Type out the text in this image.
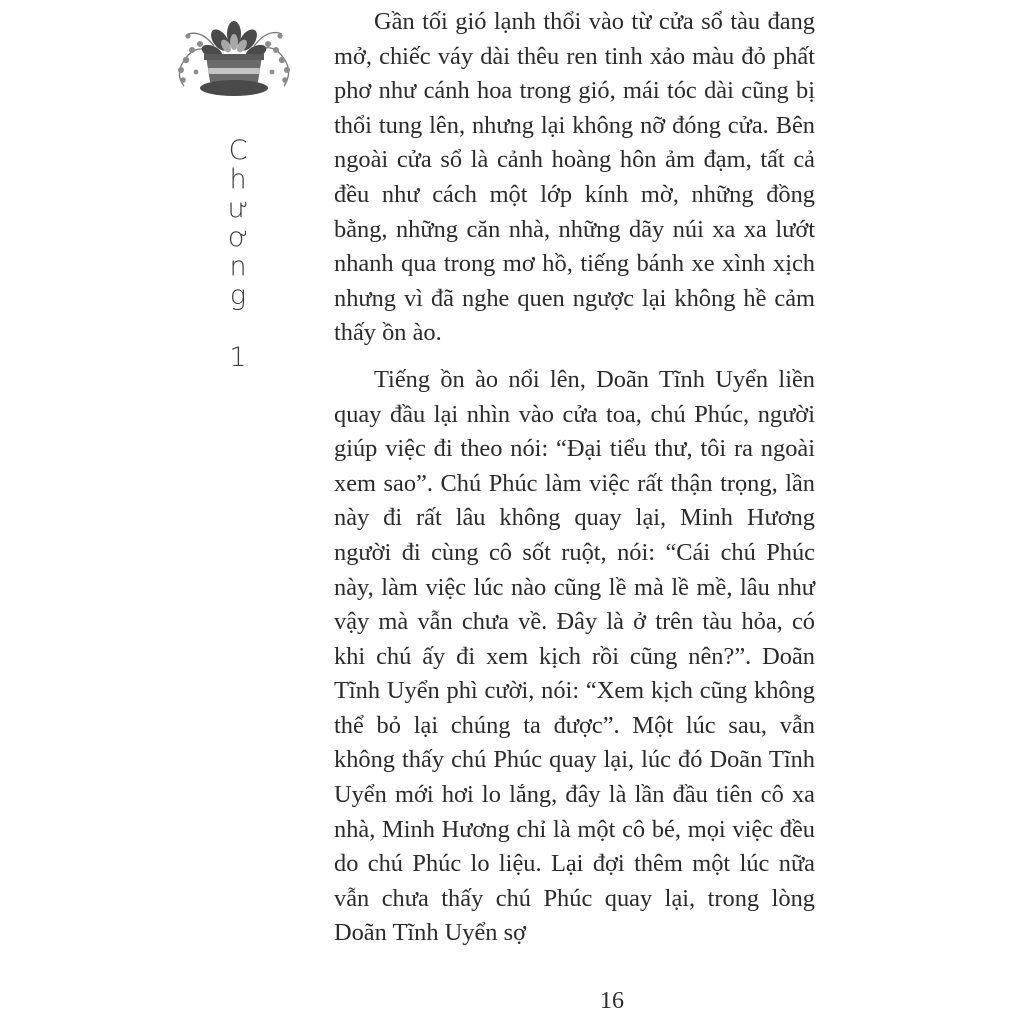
C
h
ư
ơ
n
g
1

Gần tối gió lạnh thổi vào từ cửa sổ tàu đang mở, chiếc váy dài thêu ren tinh xảo màu đỏ phất phơ như cánh hoa trong gió, mái tóc dài cũng bị thổi tung lên, nhưng lại không nỡ đóng cửa. Bên ngoài cửa sổ là cảnh hoàng hôn ảm đạm, tất cả đều như cách một lớp kính mờ, những đồng bằng, những căn nhà, những dãy núi xa xa lướt nhanh qua trong mơ hồ, tiếng bánh xe xình xịch nhưng vì đã nghe quen ngược lại không hề cảm thấy ồn ào.

Tiếng ồn ào nổi lên, Doãn Tĩnh Uyển liền quay đầu lại nhìn vào cửa toa, chú Phúc, người giúp việc đi theo nói: “Đại tiểu thư, tôi ra ngoài xem sao”. Chú Phúc làm việc rất thận trọng, lần này đi rất lâu không quay lại, Minh Hương người đi cùng cô sốt ruột, nói: “Cái chú Phúc này, làm việc lúc nào cũng lề mà lề mề, lâu như vậy mà vẫn chưa về. Đây là ở trên tàu hỏa, có khi chú ấy đi xem kịch rồi cũng nên?”. Doãn Tĩnh Uyển phì cười, nói: “Xem kịch cũng không thể bỏ lại chúng ta được”. Một lúc sau, vẫn không thấy chú Phúc quay lại, lúc đó Doãn Tĩnh Uyển mới hơi lo lắng, đây là lần đầu tiên cô xa nhà, Minh Hương chỉ là một cô bé, mọi việc đều do chú Phúc lo liệu. Lại đợi thêm một lúc nữa vẫn chưa thấy chú Phúc quay lại, trong lòng Doãn Tĩnh Uyển sợ

16
